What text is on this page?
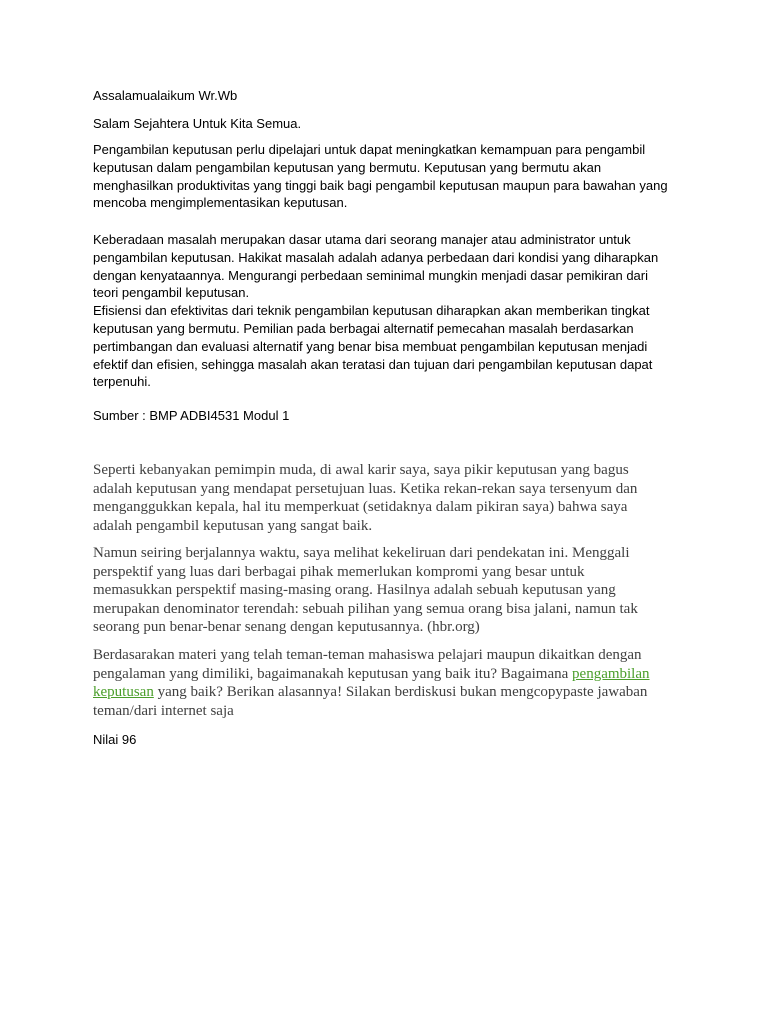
Assalamualaikum Wr.Wb

Salam Sejahtera Untuk Kita Semua.

Pengambilan keputusan perlu dipelajari untuk dapat meningkatkan kemampuan para pengambil
keputusan dalam pengambilan keputusan yang bermutu. Keputusan yang bermutu akan
menghasilkan produktivitas yang tinggi baik bagi pengambil keputusan maupun para bawahan yang
mencoba mengimplementasikan keputusan.

Keberadaan masalah merupakan dasar utama dari seorang manajer atau administrator untuk
pengambilan keputusan. Hakikat masalah adalah adanya perbedaan dari kondisi yang diharapkan
dengan kenyataannya. Mengurangi perbedaan seminimal mungkin menjadi dasar pemikiran dari
teori pengambil keputusan.
Efisiensi dan efektivitas dari teknik pengambilan keputusan diharapkan akan memberikan tingkat
keputusan yang bermutu. Pemilian pada berbagai alternatif pemecahan masalah berdasarkan
pertimbangan dan evaluasi alternatif yang benar bisa membuat pengambilan keputusan menjadi
efektif dan efisien, sehingga masalah akan teratasi dan tujuan dari pengambilan keputusan dapat
terpenuhi.

Sumber : BMP ADBI4531 Modul 1

Seperti kebanyakan pemimpin muda, di awal karir saya, saya pikir keputusan yang bagus
adalah keputusan yang mendapat persetujuan luas. Ketika rekan-rekan saya tersenyum dan
menganggukkan kepala, hal itu memperkuat (setidaknya dalam pikiran saya) bahwa saya
adalah pengambil keputusan yang sangat baik.

Namun seiring berjalannya waktu, saya melihat kekeliruan dari pendekatan ini. Menggali
perspektif yang luas dari berbagai pihak memerlukan kompromi yang besar untuk
memasukkan perspektif masing-masing orang. Hasilnya adalah sebuah keputusan yang
merupakan denominator terendah: sebuah pilihan yang semua orang bisa jalani, namun tak
seorang pun benar-benar senang dengan keputusannya. (hbr.org)

Berdasarakan materi yang telah teman-teman mahasiswa pelajari maupun dikaitkan dengan
pengalaman yang dimiliki, bagaimanakah keputusan yang baik itu? Bagaimana pengambilan
keputusan yang baik? Berikan alasannya! Silakan berdiskusi bukan mengcopypaste jawaban
teman/dari internet saja

Nilai 96
